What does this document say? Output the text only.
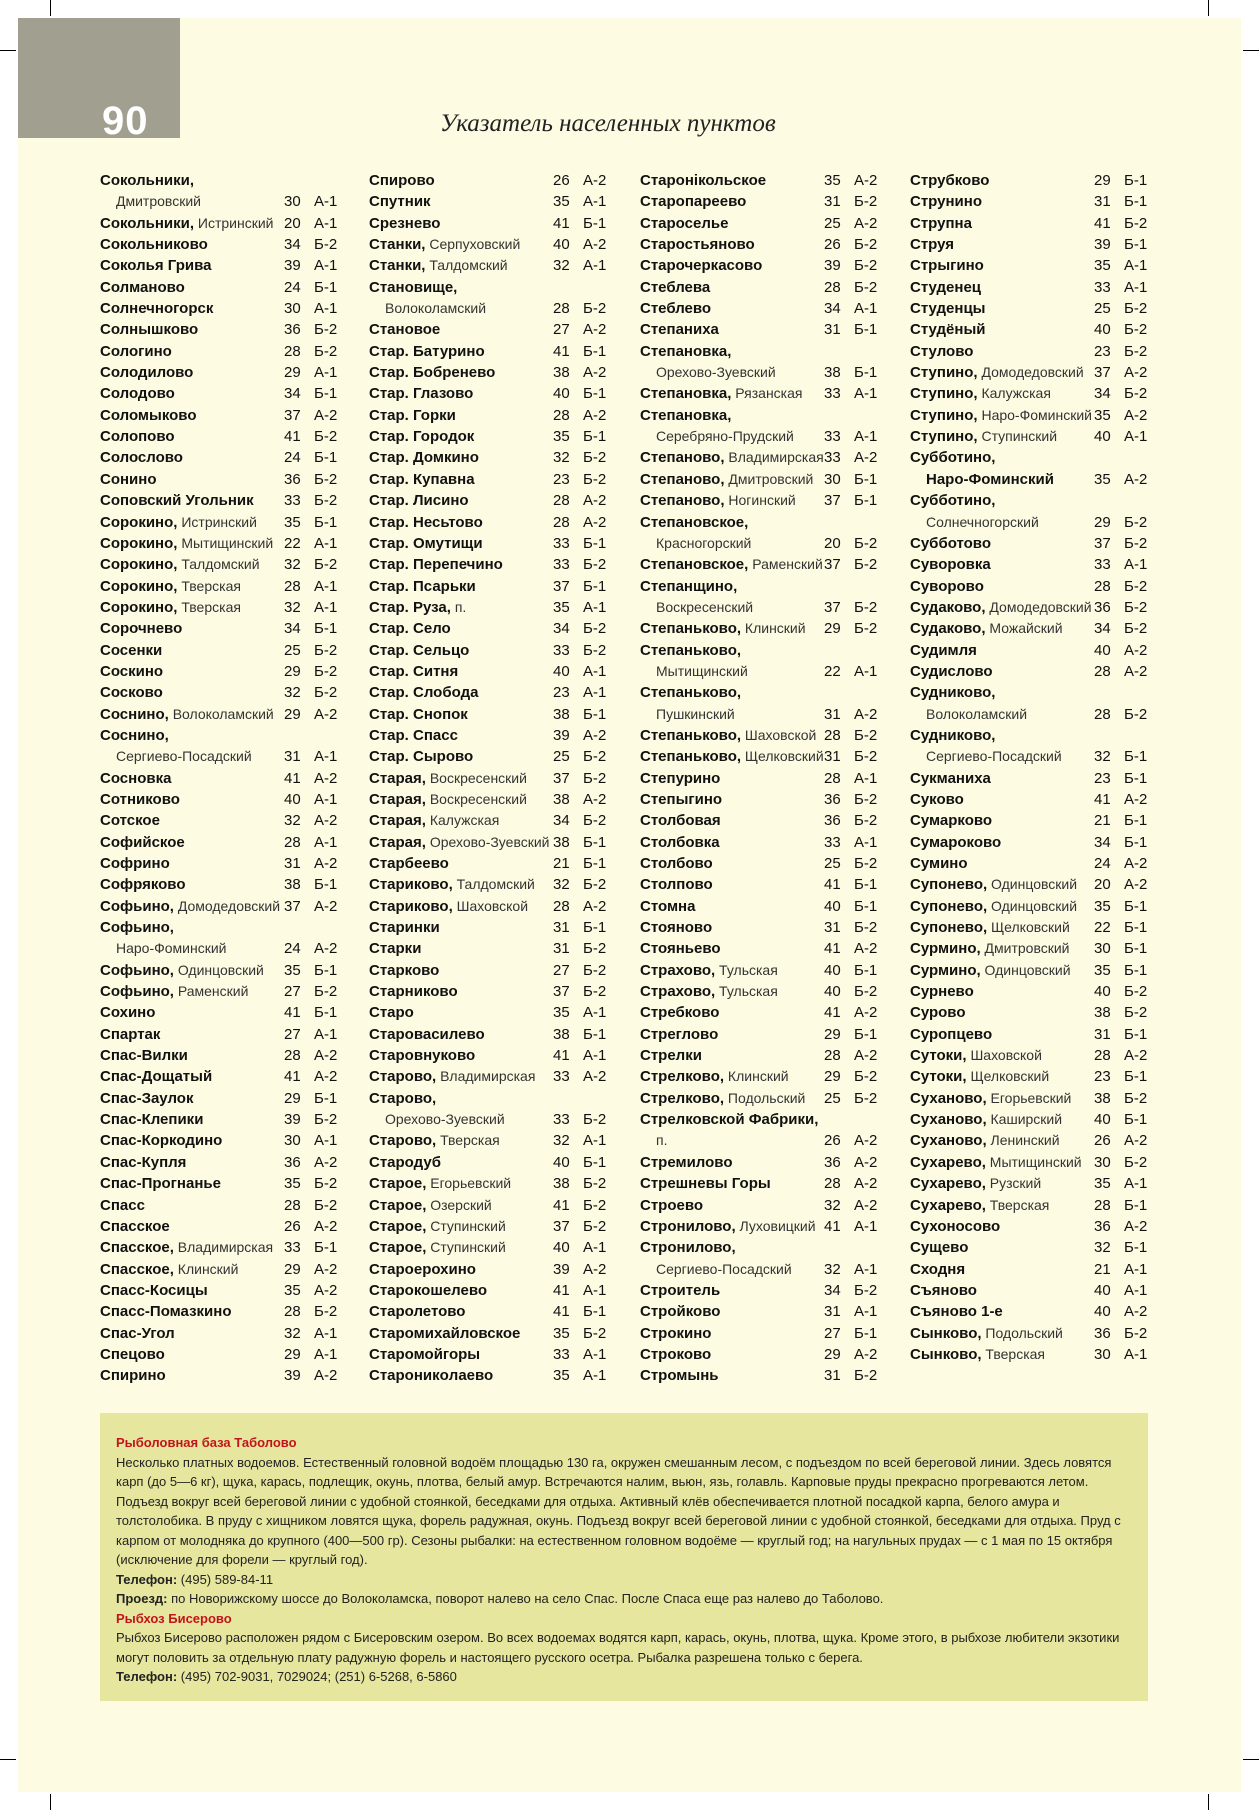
90	Указатель населенных пунктов
Сокольники,
Дмитровский	30 А-1
Сокольники, Истринский 20 А-1
Сокольниково	34 Б-2
Соколья Грива	39 А-1
Солманово	24 Б-1
Солнечногорск	30 А-1
Солнышково	36 Б-2
Сологино	28 Б-2
Солодилово	29 А-1
Солодово	34 Б-1
Соломыково	37 А-2
Солопово	41 Б-2
Солослово	24 Б-1
Сонино	36 Б-2
Соповский Угольник 33 Б-2
Сорокино, Истринский 35 Б-1
Сорокино, Мытищинский 22 А-1
Сорокино, Талдомский 32 Б-2
Сорокино, Тверская	28 А-1
Сорокино, Тверская	32 А-1
Сорочнево	34 Б-1
Сосенки	25 Б-2
Соскино	29 Б-2
Сосково	32 Б-2
Соснино, Волоколамский 29 А-2
Соснино,
Сергиево-Посадский 31 А-1
Сосновка	41 А-2
Сотниково	40 А-1
Сотское	32 А-2
Софийское	28 А-1
Софрино	31 А-2
Софряково	38 Б-1
Софьино, Домодедовский 37 А-2
Софьино,
Наро-Фоминский	24 А-2
Софьино, Одинцовский 35 Б-1
Софьино, Раменский 27 Б-2
Сохино	41 Б-1
Спартак	27 А-1
Спас-Вилки	28 А-2
Спас-Дощатый	41 А-2
Спас-Заулок	29 Б-1
Спас-Клепики	39 Б-2
Спас-Коркодино	30 А-1
Спас-Купля	36 А-2
Спас-Прогнанье	35 Б-2
Спасс	28 Б-2
Спасское	26 А-2
Спасское, Владимирская 33 Б-1
Спасское, Клинский	29 А-2
Спасс-Косицы	35 А-2
Спасс-Помазкино	28 Б-2
Спас-Угол	32 А-1
Спецово	29 А-1
Спирино	39 А-2
Спирово	26 А-2
Спутник	35 А-1
Срезнево	41 Б-1
Станки, Серпуховский 40 А-2
Станки, Талдомский	32 А-1
Становище,
Волоколамский	28 Б-2
Становое	27 А-2
Стар. Батурино	41 Б-1
Стар. Бобренево	38 А-2
Стар. Глазово	40 Б-1
Стар. Горки	28 А-2
Стар. Городок	35 Б-1
Стар. Домкино	32 Б-2
Стар. Купавна	23 Б-2
Стар. Лисино	28 А-2
Стар. Несьтово	28 А-2
Стар. Омутищи	33 Б-1
Стар. Перепечино	33 Б-2
Стар. Псарьки	37 Б-1
Стар. Руза, п.	35 А-1
Стар. Село	34 Б-2
Стар. Сельцо	33 Б-2
Стар. Ситня	40 А-1
Стар. Слобода	23 А-1
Стар. Снопок	38 Б-1
Стар. Спасс	39 А-2
Стар. Сырово	25 Б-2
Старая, Воскресенский 37 Б-2
Старая, Воскресенский 38 А-2
Старая, Калужская	34 Б-2
Старая, Орехово-Зуевский 38 Б-1
Старбеево	21 Б-1
Стариково, Талдомский 32 Б-2
Стариково, Шаховской 28 А-2
Старинки	31 Б-1
Старки	31 Б-2
Старково	27 Б-2
Старниково	37 Б-2
Старо	35 А-1
Старовасилево	38 Б-1
Старовнуково	41 А-1
Старово, Владимирская 33 А-2
Старово,
Орехово-Зуевский	33 Б-2
Старово, Тверская	32 А-1
Стародуб	40 Б-1
Старое, Егорьевский	38 Б-2
Старое, Озерский	41 Б-2
Старое, Ступинский	37 Б-2
Старое, Ступинский	40 А-1
Староерохино	39 А-2
Старокошелево	41 А-1
Старолетово	41 Б-1
Старомихайловское 35 Б-2
Старомойгоры	33 А-1
Староникoлаево	35 А-1
Старонікольское	35 А-2
Старопареево	31 Б-2
Староселье	25 А-2
Старостьяново	26 Б-2
Старочеркасово	39 Б-2
Стеблева	28 Б-2
Стеблево	34 А-1
Степаниха	31 Б-1
Степановка,
Орехово-Зуевский	38 Б-1
Степановка, Рязанская 33 А-1
Степановка,
Серебряно-Прудский 33 А-1
Степаново, Владимирская 33 А-2
Степаново, Дмитровский 30 Б-1
Степаново, Ногинский 37 Б-1
Степановское,
Красногорский	20 Б-2
Степановское, Раменский 37 Б-2
Степанщино,
Воскресенский	37 Б-2
Степаньково, Клинский 29 Б-2
Степаньково,
Мытищинский	22 А-1
Степаньково,
Пушкинский	31 А-2
Степаньково, Шаховской 28 Б-2
Степаньково, Щелковский 31 Б-2
Степурино	28 А-1
Степыгино	36 Б-2
Столбовая	36 Б-2
Столбовка	33 А-1
Столбово	25 Б-2
Столпово	41 Б-1
Стомна	40 Б-1
Стояново	31 Б-2
Стояньево	41 А-2
Страхово, Тульская	40 Б-1
Страхово, Тульская	40 Б-2
Стребково	41 А-2
Стреглово	29 Б-1
Стрелки	28 А-2
Стрелково, Клинский 29 Б-2
Стрелково, Подольский 25 Б-2
Стрелковской Фабрики,
п.	26 А-2
Стремилово	36 А-2
Стрешневы Горы	28 А-2
Строево	32 А-2
Стронилово, Луховицкий 41 А-1
Стронилово,
Сергиево-Посадский 32 А-1
Строитель	34 Б-2
Стройково	31 А-1
Строкино	27 Б-1
Строково	29 А-2
Стромынь	31 Б-2
Струбково	29 Б-1
Струнино	31 Б-1
Струпна	41 Б-2
Струя	39 Б-1
Стрыгино	35 А-1
Студенец	33 А-1
Студенцы	25 Б-2
Студёный	40 Б-2
Стулово	23 Б-2
Ступино, Домодедовский 37 А-2
Ступино, Калужская	34 Б-2
Ступино, Наро-Фоминский 35 А-2
Ступино, Ступинский 40 А-1
Субботино,
Наро-Фоминский	35 А-2
Субботино,
Солнечногорский	29 Б-2
Субботово	37 Б-2
Суворовка	33 А-1
Суворово	28 Б-2
Судаково, Домодедовский 36 Б-2
Судаково, Можайский 34 Б-2
Судимля	40 А-2
Судислово	28 А-2
Судниково,
Волоколамский	28 Б-2
Судниково,
Сергиево-Посадский 32 Б-1
Сукманиха	23 Б-1
Суково	41 А-2
Сумарково	21 Б-1
Сумароково	34 Б-1
Сумино	24 А-2
Супонево, Одинцовский 20 А-2
Супонево, Одинцовский 35 Б-1
Супонево, Щелковский 22 Б-1
Сурмино, Дмитровский 30 Б-1
Сурмино, Одинцовский 35 Б-1
Сурнево	40 Б-2
Сурово	38 Б-2
Суропцево	31 Б-1
Сутоки, Шаховской	28 А-2
Сутоки, Щелковский	23 Б-1
Суханово, Егорьевский 38 Б-2
Суханово, Каширский 40 Б-1
Суханово, Ленинский 26 А-2
Сухарево, Мытищинский 30 Б-2
Сухарево, Рузский	35 А-1
Сухарево, Тверская	28 Б-1
Сухоносово	36 А-2
Сущево	32 Б-1
Сходня	21 А-1
Съяново	40 А-1
Съяново 1-е	40 А-2
Сынково, Подольский 36 Б-2
Сынково, Тверская	30 А-1
Рыболовная база Таболово
Несколько платных водоемов. Естественный головной водоём площадью 130 га, окружен смешанным лесом, с подъездом по всей береговой линии. Здесь ловятся карп (до 5—6 кг), щука, карась, подлещик, окунь, плотва, белый амур. Встречаются налим, вьюн, язь, голавль. Карповые пруды прекрасно прогреваются летом. Подъезд вокруг всей береговой линии с удобной стоянкой, беседками для отдыха. Активный клёв обеспечивается плотной посадкой карпа, белого амура и толстолобика. В пруду с хищником ловятся щука, форель радужная, окунь. Подъезд вокруг всей береговой линии с удобной стоянкой, беседками для отдыха. Пруд с карпом от молодняка до крупного (400—500 гр). Сезоны рыбалки: на естественном головном водоёме — круглый год; на нагульных прудах — с 1 мая по 15 октября (исключение для форели — круглый год).
Телефон: (495) 589-84-11
Проезд: по Новорижскому шоссе до Волоколамска, поворот налево на село Спас. После Спаса еще раз налево до Таболово.
Рыбхоз Бисерово
Рыбхоз Бисерово расположен рядом с Бисеровским озером. Во всех водоемах водятся карп, карась, окунь, плотва, щука. Кроме этого, в рыбхозе любители экзотики могут половить за отдельную плату радужную форель и настоящего русского осетра. Рыбалка разрешена только с берега.
Телефон: (495) 702-9031, 7029024; (251) 6-5268, 6-5860
